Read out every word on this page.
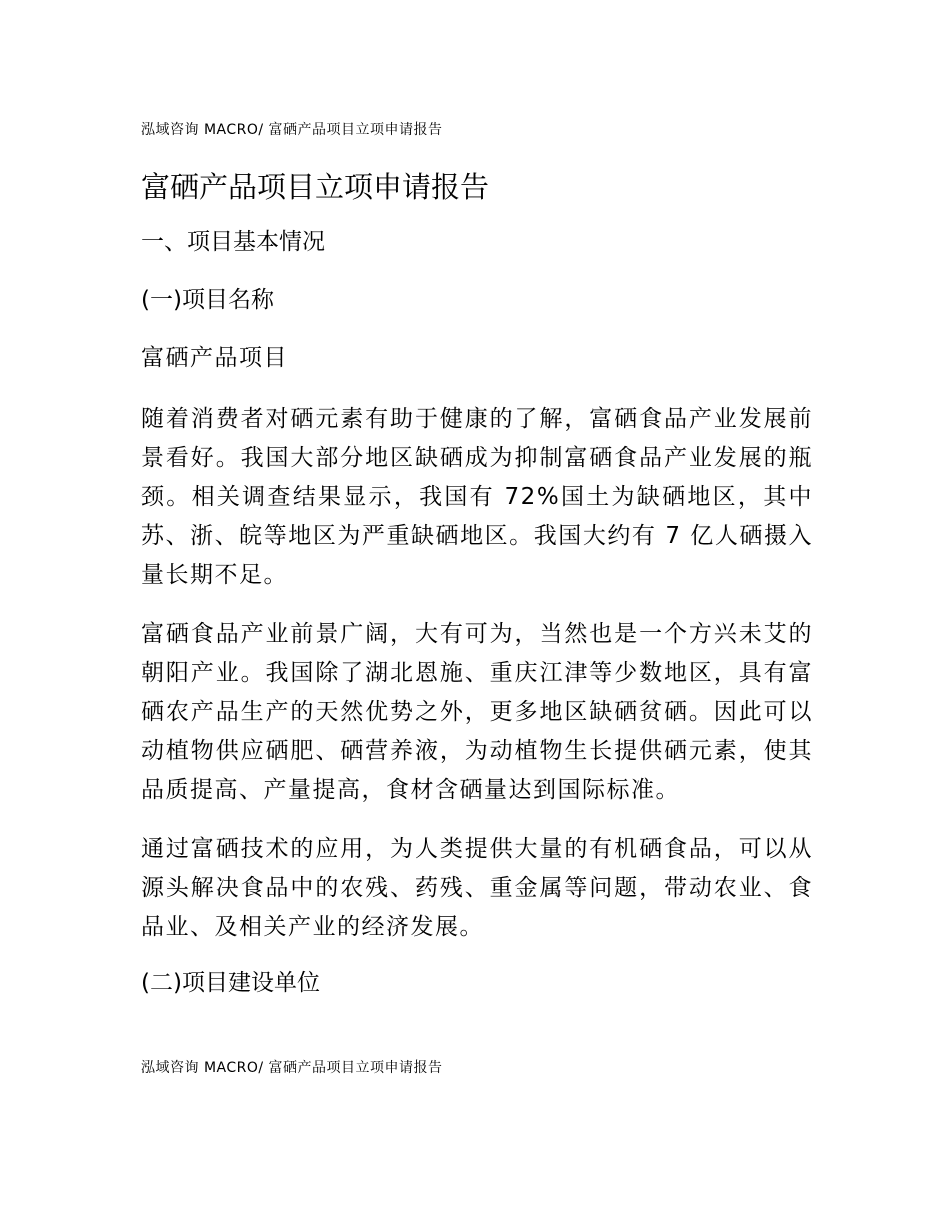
泓域咨询 MACRO/ 富硒产品项目立项申请报告
富硒产品项目立项申请报告
一、项目基本情况
(一)项目名称
富硒产品项目

随着消费者对硒元素有助于健康的了解，富硒食品产业发展前景看好。我国大部分地区缺硒成为抑制富硒食品产业发展的瓶颈。相关调查结果显示，我国有 72%国土为缺硒地区，其中苏、浙、皖等地区为严重缺硒地区。我国大约有 7 亿人硒摄入量长期不足。

富硒食品产业前景广阔，大有可为，当然也是一个方兴未艾的朝阳产业。我国除了湖北恩施、重庆江津等少数地区，具有富硒农产品生产的天然优势之外，更多地区缺硒贫硒。因此可以动植物供应硒肥、硒营养液，为动植物生长提供硒元素，使其品质提高、产量提高，食材含硒量达到国际标准。

通过富硒技术的应用，为人类提供大量的有机硒食品，可以从源头解决食品中的农残、药残、重金属等问题，带动农业、食品业、及相关产业的经济发展。

(二)项目建设单位
泓域咨询 MACRO/ 富硒产品项目立项申请报告
